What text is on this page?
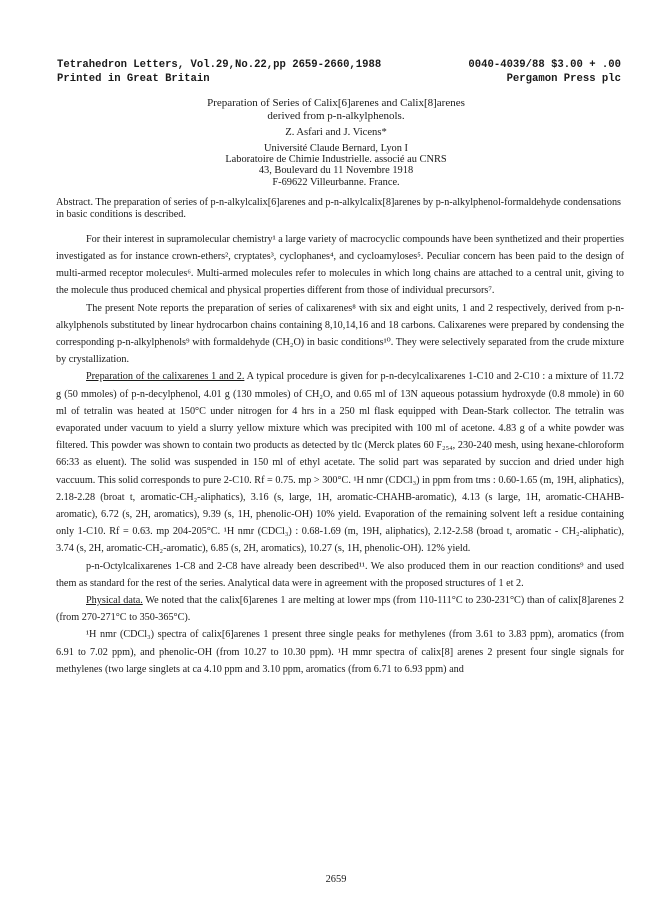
Tetrahedron Letters, Vol.29,No.22,pp 2659-2660,1988	0040-4039/88 $3.00 + .00
Printed in Great Britain	Pergamon Press plc
Preparation of Series of Calix[6]arenes and Calix[8]arenes
derived from p-n-alkylphenols.
Z. Asfari and J. Vicens*
Université Claude Bernard, Lyon I
Laboratoire de Chimie Industrielle. associé au CNRS
43, Boulevard du 11 Novembre 1918
F-69622 Villeurbanne. France.
Abstract. The preparation of series of p-n-alkylcalix[6]arenes and p-n-alkylcalix[8]arenes by p-n-alkylphenol-formaldehyde condensations in basic conditions is described.
For their interest in supramolecular chemistry¹ a large variety of macrocyclic compounds have been synthetized and their properties investigated as for instance crown-ethers², cryptates³, cyclophanes⁴, and cycloamyloses⁵. Peculiar concern has been paid to the design of multi-armed receptor molecules⁶. Multi-armed molecules refer to molecules in which long chains are attached to a central unit, giving to the molecule thus produced chemical and physical properties different from those of individual precursors⁷.
The present Note reports the preparation of series of calixarenes⁸ with six and eight units, 1 and 2 respectively, derived from p-n-alkylphenols substituted by linear hydrocarbon chains containing 8,10,14,16 and 18 carbons. Calixarenes were prepared by condensing the corresponding p-n-alkylphenols⁹ with formaldehyde (CH₂O) in basic conditions¹⁰. They were selectively separated from the crude mixture by crystallization.
Preparation of the calixarenes 1 and 2. A typical procedure is given for p-n-decylcalixarenes 1-C10 and 2-C10 : a mixture of 11.72 g (50 mmoles) of p-n-decylphenol, 4.01 g (130 mmoles) of CH₂O, and 0.65 ml of 13N aqueous potassium hydroxyde (0.8 mmole) in 60 ml of tetralin was heated at 150°C under nitrogen for 4 hrs in a 250 ml flask equipped with Dean-Stark collector. The tetralin was evaporated under vacuum to yield a slurry yellow mixture which was precipited with 100 ml of acetone. 4.83 g of a white powder was filtered. This powder was shown to contain two products as detected by tlc (Merck plates 60 F₂₅₄, 230-240 mesh, using hexane-chloroform 66:33 as eluent). The solid was suspended in 150 ml of ethyl acetate. The solid part was separated by succion and dried under high vaccuum. This solid corresponds to pure 2-C10. Rf = 0.75. mp > 300°C. ¹H nmr (CDCl₃) in ppm from tms : 0.60-1.65 (m, 19H, aliphatics), 2.18-2.28 (broat t, aromatic-CH₂-aliphatics), 3.16 (s, large, 1H, aromatic-CHAHB-aromatic), 4.13 (s large, 1H, aromatic-CHAHB-aromatic), 6.72 (s, 2H, aromatics), 9.39 (s, 1H, phenolic-OH) 10% yield. Evaporation of the remaining solvent left a residue containing only 1-C10. Rf = 0.63. mp 204-205°C. ¹H nmr (CDCl₃) : 0.68-1.69 (m, 19H, aliphatics), 2.12-2.58 (broad t, aromatic - CH₂-aliphatic), 3.74 (s, 2H, aromatic-CH₂-aromatic), 6.85 (s, 2H, aromatics), 10.27 (s, 1H, phenolic-OH). 12% yield.
p-n-Octylcalixarenes 1-C8 and 2-C8 have already been described¹¹. We also produced them in our reaction conditions⁹ and used them as standard for the rest of the series. Analytical data were in agreement with the proposed structures of 1 et 2.
Physical data. We noted that the calix[6]arenes 1 are melting at lower mps (from 110-111°C to 230-231°C) than of calix[8]arenes 2 (from 270-271°C to 350-365°C).
¹H nmr (CDCl₃) spectra of calix[6]arenes 1 present three single peaks for methylenes (from 3.61 to 3.83 ppm), aromatics (from 6.91 to 7.02 ppm), and phenolic-OH (from 10.27 to 10.30 ppm). ¹H mmr spectra of calix[8] arenes 2 present four single signals for methylenes (two large singlets at ca 4.10 ppm and 3.10 ppm, aromatics (from 6.71 to 6.93 ppm) and
2659
